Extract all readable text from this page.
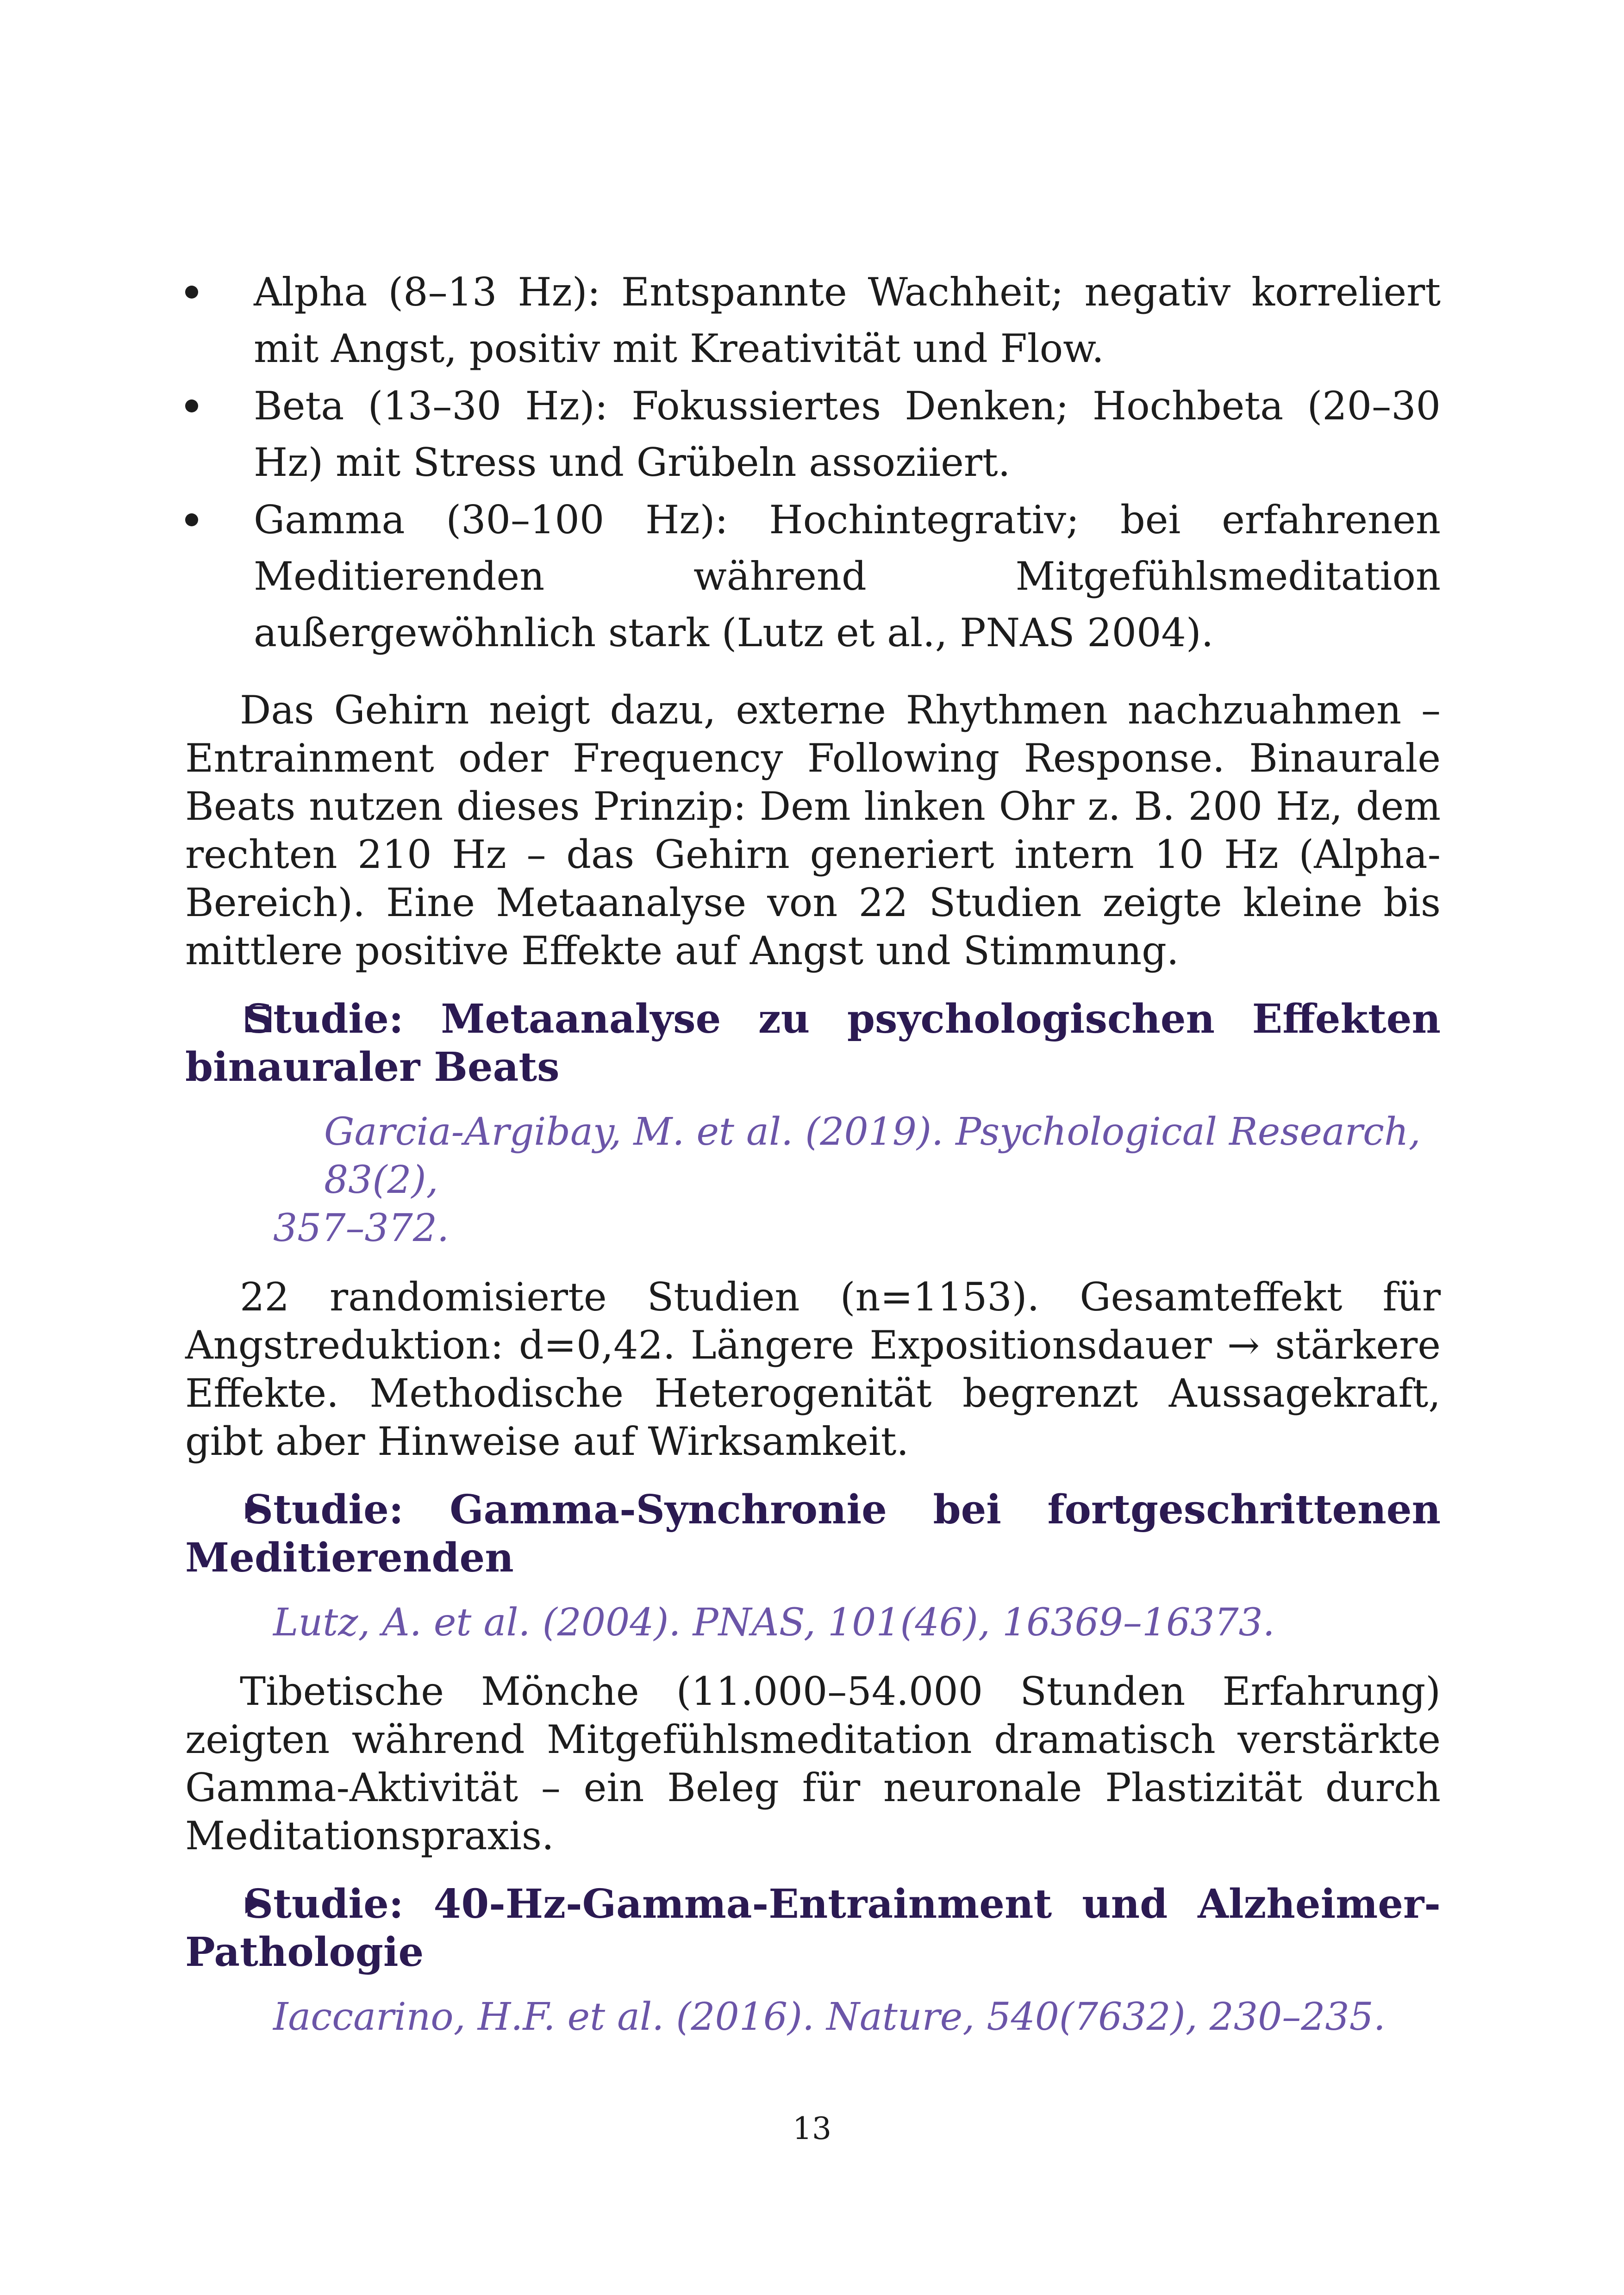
Alpha (8–13 Hz): Entspannte Wachheit; negativ korreliert mit Angst, positiv mit Kreativität und Flow.
Beta (13–30 Hz): Fokussiertes Denken; Hochbeta (20–30 Hz) mit Stress und Grübeln assoziiert.
Gamma (30–100 Hz): Hochintegrativ; bei erfahrenen Meditierenden während Mitgefühlsmeditation außergewöhnlich stark (Lutz et al., PNAS 2004).

Das Gehirn neigt dazu, externe Rhythmen nachzuahmen – Entrainment oder Frequency Following Response. Binaurale Beats nutzen dieses Prinzip: Dem linken Ohr z. B. 200 Hz, dem rechten 210 Hz – das Gehirn generiert intern 10 Hz (Alpha-Bereich). Eine Metaanalyse von 22 Studien zeigte kleine bis mittlere positive Effekte auf Angst und Stimmung.

Studie: Metaanalyse zu psychologischen Effekten binauraler Beats

Garcia-Argibay, M. et al. (2019). Psychological Research, 83(2),
357–372.

22 randomisierte Studien (n=1153). Gesamteffekt für Angstreduktion: d=0,42. Längere Expositionsdauer → stärkere Effekte. Methodische Heterogenität begrenzt Aussagekraft, gibt aber Hinweise auf Wirksamkeit.

Studie: Gamma-Synchronie bei fortgeschrittenen Meditierenden

Lutz, A. et al. (2004). PNAS, 101(46), 16369–16373.

Tibetische Mönche (11.000–54.000 Stunden Erfahrung) zeigten während Mitgefühlsmeditation dramatisch verstärkte Gamma-Aktivität – ein Beleg für neuronale Plastizität durch Meditationspraxis.

Studie: 40-Hz-Gamma-Entrainment und Alzheimer-Pathologie

Iaccarino, H.F. et al. (2016). Nature, 540(7632), 230–235.

13
